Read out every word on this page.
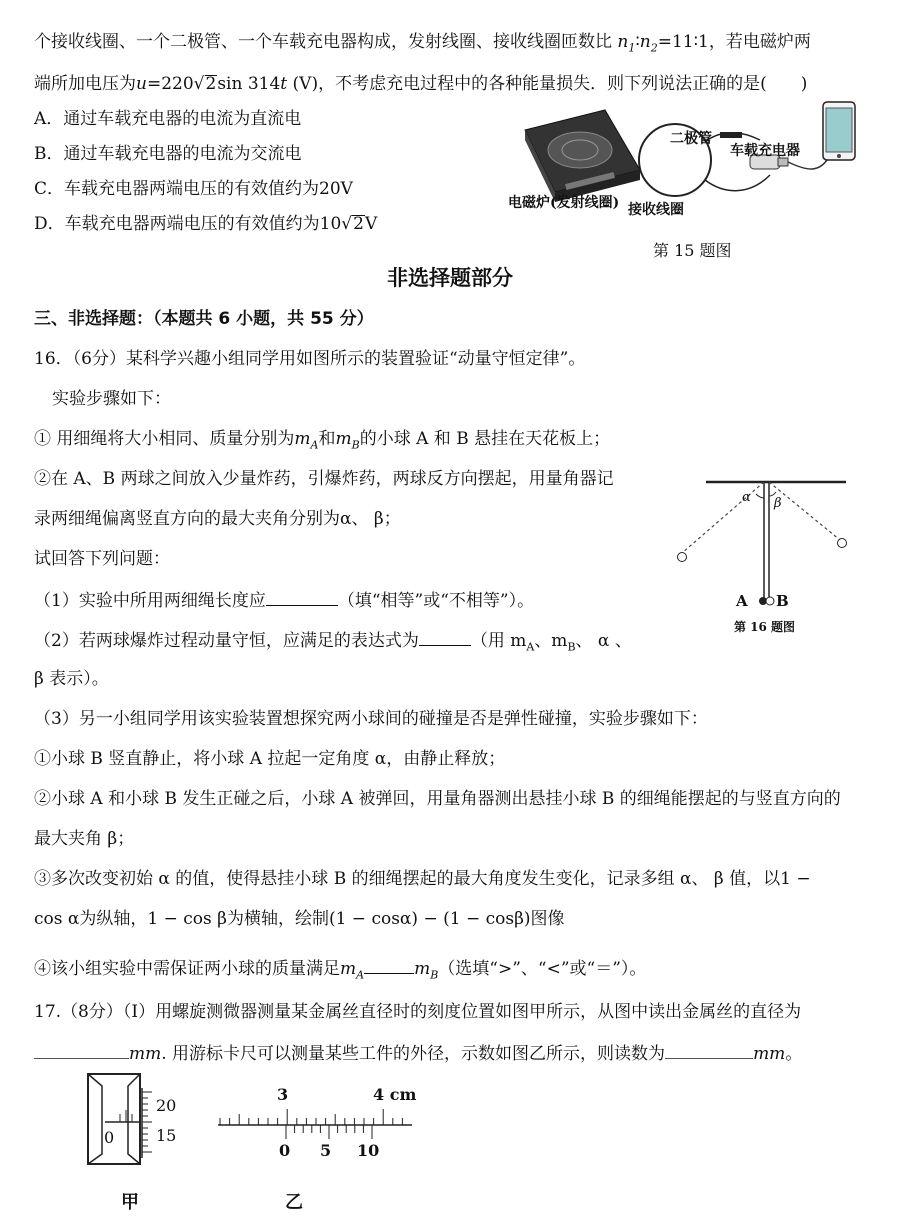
个接收线圈、一个二极管、一个车载充电器构成，发射线圈、接收线圈匝数比 $n_1∶n_2=11∶1$，若电磁炉两
端所加电压为u=220√2sin 314t (V)，不考虑充电过程中的各种能量损失．则下列说法正确的是(　　)
A．通过车载充电器的电流为直流电
B．通过车载充电器的电流为交流电
C．车载充电器两端电压的有效值约为20V
D．车载充电器两端电压的有效值约为10√2V
二极管
车载充电器
电磁炉(发射线圈) 接收线圈
第 15 题图
非选择题部分
三、非选择题：（本题共 6 小题，共 55 分）
16．（6分）某科学兴趣小组同学用如图所示的装置验证“动量守恒定律”。
实验步骤如下：
① 用细绳将大小相同、质量分别为$m_A$和$m_B$的小球 A 和 B 悬挂在天花板上；
②在 A、B 两球之间放入少量炸药，引爆炸药，两球反方向摆起，用量角器记
录两细绳偏离竖直方向的最大夹角分别为α、 β；
试回答下列问题：
（1）实验中所用两细绳长度应	（填“相等”或“不相等”）。
（2）若两球爆炸过程动量守恒，应满足的表达式为	（用 $m_A$、$m_B$、 α 、
β 表示）。
（3）另一小组同学用该实验装置想探究两小球间的碰撞是否是弹性碰撞，实验步骤如下：
①小球 B 竖直静止，将小球 A 拉起一定角度 α，由静止释放；
②小球 A 和小球 B 发生正碰之后，小球 A 被弹回，用量角器测出悬挂小球 B 的细绳能摆起的与竖直方向的
最大夹角 β；
③多次改变初始 α 的值，使得悬挂小球 B 的细绳摆起的最大角度发生变化，记录多组 α、 β 值，以1 −
cos α为纵轴，1 − cos β为横轴，绘制(1 − cosα) − (1 − cosβ)图像
④该小组实验中需保证两小球的质量满足$m_A$	$m_B$（选填“>”、“<”或“＝”）。
α β
A B
第 16 题图
17.（8分）（Ⅰ）用螺旋测微器测量某金属丝直径时的刻度位置如图甲所示，从图中读出金属丝的直径为
mm. 用游标卡尺可以测量某些工件的外径，示数如图乙所示，则读数为	mm。
20
15
0
甲
3	4 cm
0 5 10
乙
